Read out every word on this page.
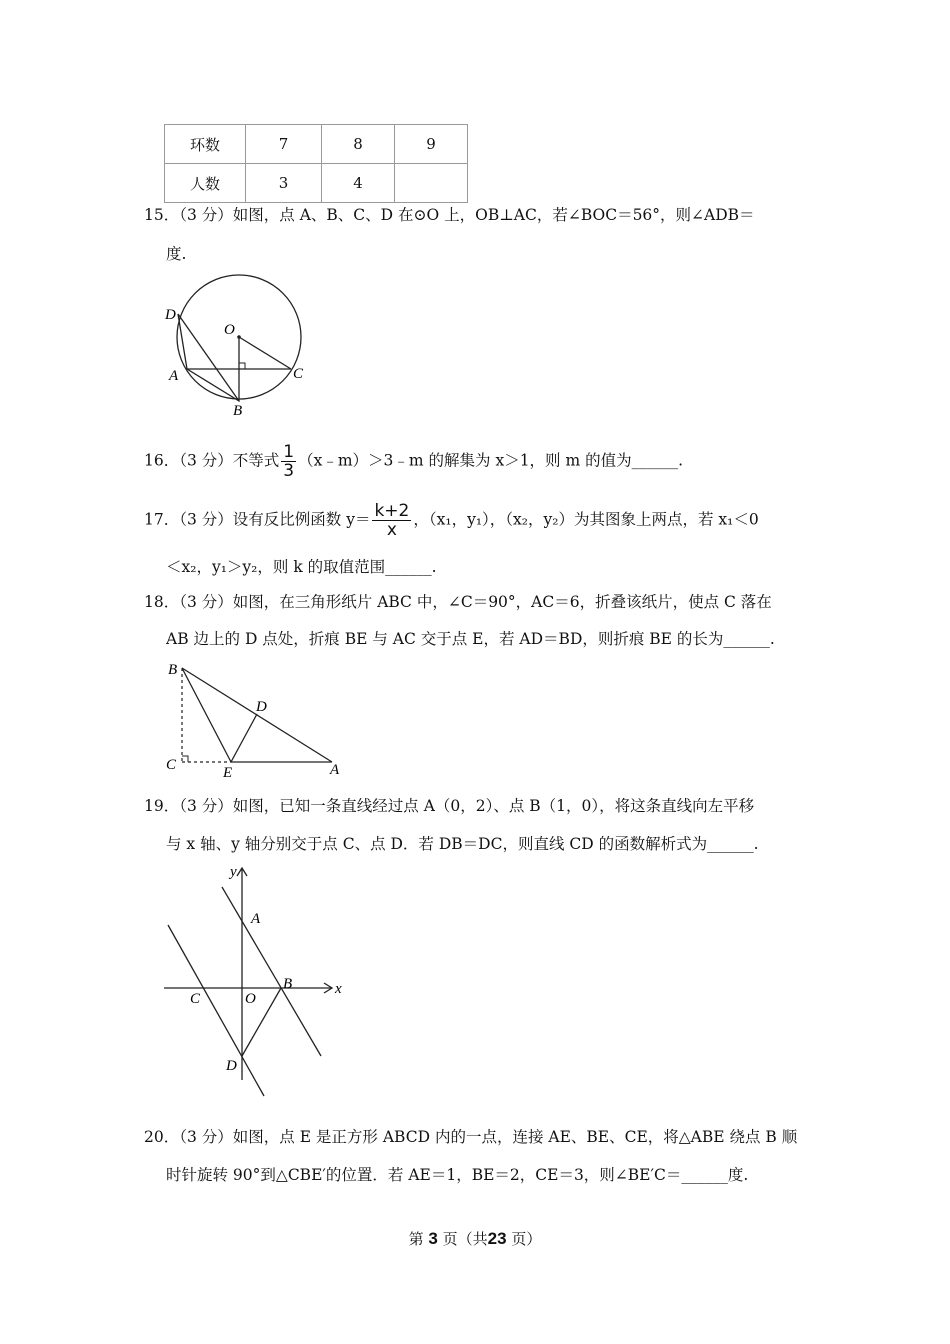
环数	7	8	9
人数	3	4	
15．（3 分）如图，点 A、B、C、D 在⊙O 上，OB⊥AC，若∠BOC＝56°，则∠ADB＝
度.
D
O
A	C
B
16．（3 分）不等式 $\frac{1}{3}$ （x﹣m）＞3﹣m 的解集为 x＞1，则 m 的值为______.
17．（3 分）设有反比例函数 $y= \frac{k+2}{x}$ ，（x₁，y₁），（x₂，y₂）为其图象上两点，若 x₁＜0
＜x₂，y₁＞y₂，则 k 的取值范围______.
18．（3 分）如图，在三角形纸片 ABC 中，∠C＝90°，AC＝6，折叠该纸片，使点 C 落在
AB 边上的 D 点处，折痕 BE 与 AC 交于点 E，若 AD＝BD，则折痕 BE 的长为______.
B
D
C	E	A
19．（3 分）如图，已知一条直线经过点 A（0，2）、点 B（1，0），将这条直线向左平移
与 x 轴、y 轴分别交于点 C、点 D．若 DB＝DC，则直线 CD 的函数解析式为______.
y
A
B	x
C	O
D
20．（3 分）如图，点 E 是正方形 ABCD 内的一点，连接 AE、BE、CE，将△ABE 绕点 B 顺
时针旋转 90°到△CBE′的位置．若 AE＝1，BE＝2，CE＝3，则∠BE′C＝______度.
第 3 页（共23 页）
